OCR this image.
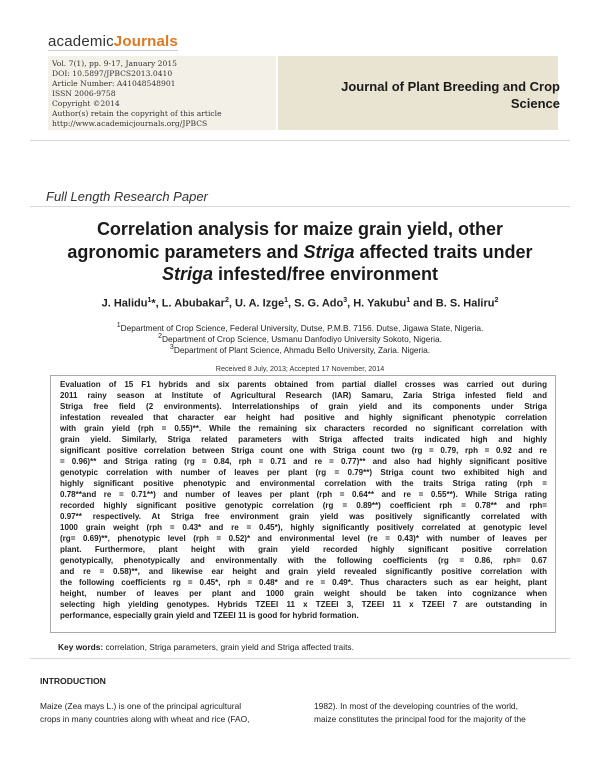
academicJournals
Vol. 7(1), pp. 9-17, January 2015
DOI: 10.5897/JPBCS2013.0410
Article Number: A41048548901
ISSN 2006-9758
Copyright ©2014
Author(s) retain the copyright of this article
http://www.academicjournals.org/JPBCS
Journal of Plant Breeding and Crop
Science
Full Length Research Paper
Correlation analysis for maize grain yield, other
agronomic parameters and Striga affected traits under
Striga infested/free environment
J. Halidu$^1$*, L. Abubakar$^2$, U. A. Izge$^1$, S. G. Ado$^3$, H. Yakubu$^1$ and B. S. Haliru$^2$
$^1$Department of Crop Science, Federal University, Dutse, P.M.B. 7156. Dutse, Jigawa State, Nigeria.
$^2$Department of Crop Science, Usmanu Danfodiyo University Sokoto, Nigeria.
$^3$Department of Plant Science, Ahmadu Bello University, Zaria. Nigeria.
Received 8 July, 2013; Accepted 17 November, 2014
Evaluation of 15 F1 hybrids and six parents obtained from partial diallel crosses was carried out during
2011 rainy season at Institute of Agricultural Research (IAR) Samaru, Zaria Striga infested field and
Striga free field (2 environments). Interrelationships of grain yield and its components under Striga
infestation revealed that character ear height had positive and highly significant phenotypic correlation
with grain yield (rph = 0.55)**. While the remaining six characters recorded no significant correlation with
grain yield. Similarly, Striga related parameters with Striga affected traits indicated high and highly
significant positive correlation between Striga count one with Striga count two (rg = 0.79, rph = 0.92 and re
= 0.96)** and Striga rating (rg = 0.84, rph = 0.71 and re = 0.77)** and also had highly significant positive
genotypic correlation with number of leaves per plant (rg = 0.79**) Striga count two exhibited high and
highly significant positive phenotypic and environmental correlation with the traits Striga rating (rph =
0.78**and re = 0.71**) and number of leaves per plant (rph = 0.64** and re = 0.55**). While Striga rating
recorded highly significant positive genotypic correlation (rg = 0.89**) coefficient rph = 0.78** and rph=
0.97** respectively. At Striga free environment grain yield was positively significantly correlated with
1000 grain weight (rph = 0.43* and re = 0.45*), highly significantly positively correlated at genotypic level
(rg= 0.69)**, phenotypic level (rph = 0.52)* and environmental level (re = 0.43)* with number of leaves per
plant. Furthermore, plant height with grain yield recorded highly significant positive correlation
genotypically, phenotypically and environmentally with the following coefficients (rg = 0.86, rph= 0.67
and re = 0.58)**, and likewise ear height and grain yield revealed significantly positive correlation with
the following coefficients rg = 0.45*, rph = 0.48* and re = 0.49*. Thus characters such as ear height, plant
height, number of leaves per plant and 1000 grain weight should be taken into cognizance when
selecting high yielding genotypes. Hybrids TZEEI 11 x TZEEI 3, TZEEI 11 x TZEEI 7 are outstanding in
performance, especially grain yield and TZEEI 11 is good for hybrid formation.
Key words: correlation, Striga parameters, grain yield and Striga affected traits.
INTRODUCTION
Maize (Zea mays L.) is one of the principal agricultural
crops in many countries along with wheat and rice (FAO,
1982). In most of the developing countries of the world,
maize constitutes the principal food for the majority of the
